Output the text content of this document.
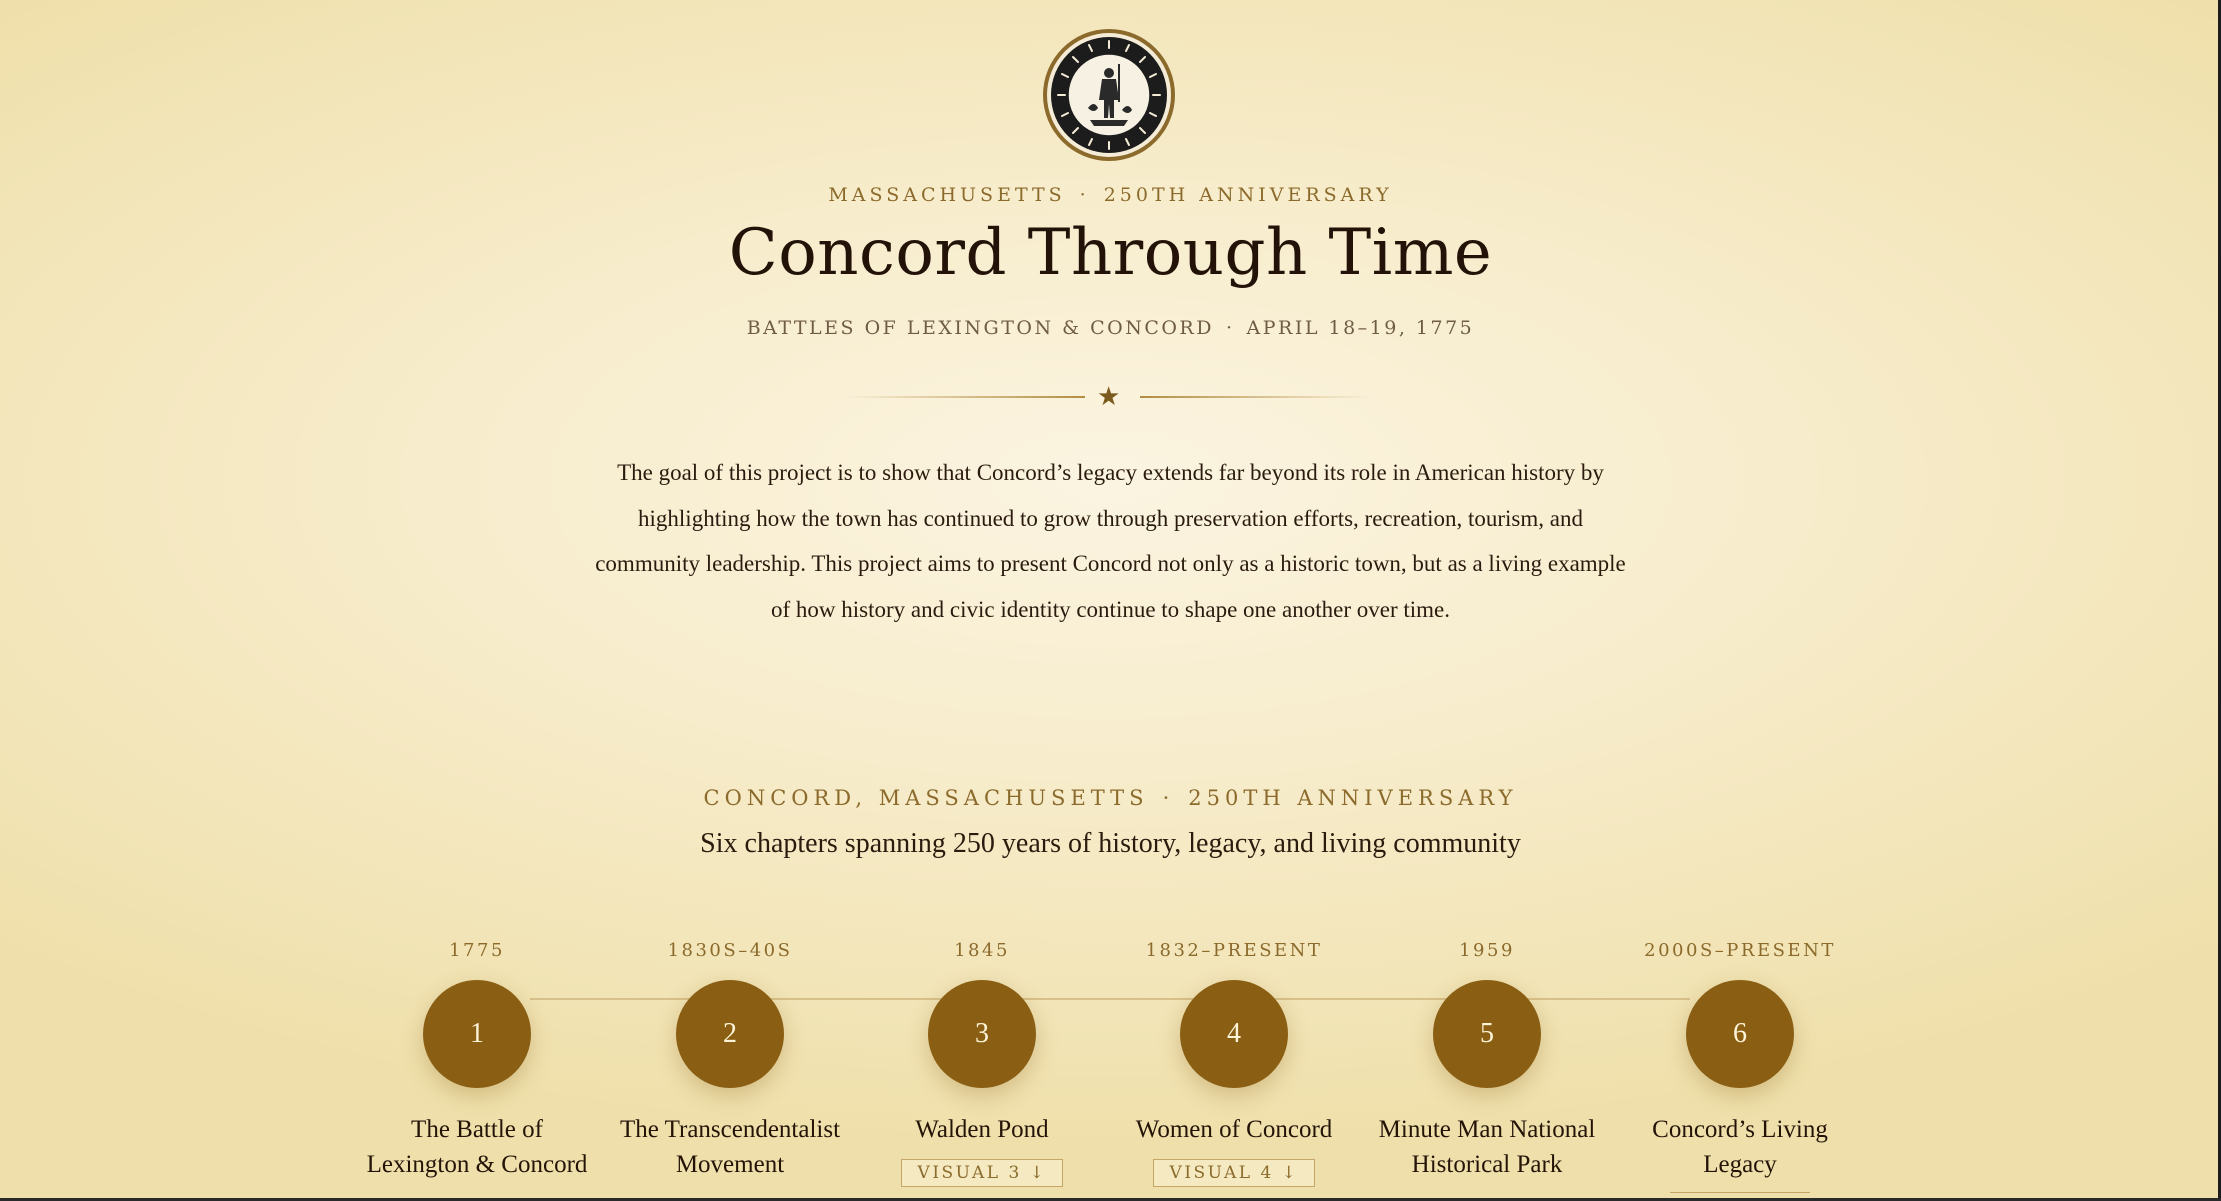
MASSACHUSETTS · 250TH ANNIVERSARY
Concord Through Time
BATTLES OF LEXINGTON & CONCORD · APRIL 18–19, 1775
★

The goal of this project is to show that Concord’s legacy extends far beyond its role in American history by highlighting how the town has continued to grow through preservation efforts, recreation, tourism, and community leadership. This project aims to present Concord not only as a historic town, but as a living example of how history and civic identity continue to shape one another over time.

CONCORD, MASSACHUSETTS · 250TH ANNIVERSARY
Six chapters spanning 250 years of history, legacy, and living community
1775
1
The Battle of Lexington & Concord
1830S–40S
2
The Transcendentalist Movement
1845
3
Walden Pond
VISUAL 3 ↓
1832–PRESENT
4
Women of Concord
VISUAL 4 ↓
1959
5
Minute Man National Historical Park
2000S–PRESENT
6
Concord’s Living Legacy
